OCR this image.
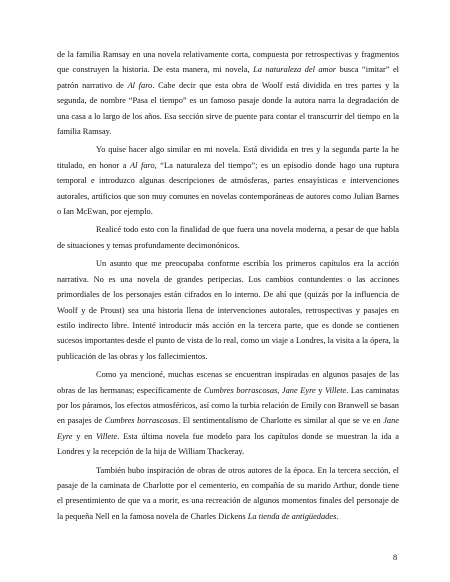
de la familia Ramsay en una novela relativamente corta, compuesta por retrospectivas y fragmentos que construyen la historia. De esta manera, mi novela, La naturaleza del amor busca “imitar” el patrón narrativo de Al faro. Cabe decir que esta obra de Woolf está dividida en tres partes y la segunda, de nombre “Pasa el tiempo” es un famoso pasaje donde la autora narra la degradación de una casa a lo largo de los años. Esa sección sirve de puente para contar el transcurrir del tiempo en la familia Ramsay.

Yo quise hacer algo similar en mi novela. Está dividida en tres y la segunda parte la he titulado, en honor a Al faro, “La naturaleza del tiempo”; es un episodio donde hago una ruptura temporal e introduzco algunas descripciones de atmósferas, partes ensayísticas e intervenciones autorales, artificios que son muy comunes en novelas contemporáneas de autores como Julian Barnes o Ian McEwan, por ejemplo.

Realicé todo esto con la finalidad de que fuera una novela moderna, a pesar de que habla de situaciones y temas profundamente decimonónicos.

Un asunto que me preocupaba conforme escribía los primeros capítulos era la acción narrativa. No es una novela de grandes peripecias. Los cambios contundentes o las acciones primordiales de los personajes están cifrados en lo interno. De ahí que (quizás por la influencia de Woolf y de Proust) sea una historia llena de intervenciones autorales, retrospectivas y pasajes en estilo indirecto libre. Intenté introducir más acción en la tercera parte, que es donde se contienen sucesos importantes desde el punto de vista de lo real, como un viaje a Londres, la visita a la ópera, la publicación de las obras y los fallecimientos.

Como ya mencioné, muchas escenas se encuentran inspiradas en algunos pasajes de las obras de las hermanas; específicamente de Cumbres borrascosas, Jane Eyre y Villete. Las caminatas por los páramos, los efectos atmosféricos, así como la turbia relación de Emily con Branwell se basan en pasajes de Cumbres borrascosas. El sentimentalismo de Charlotte es similar al que se ve en Jane Eyre y en Villete. Esta última novela fue modelo para los capítulos donde se muestran la ida a Londres y la recepción de la hija de William Thackeray.

También hubo inspiración de obras de otros autores de la época. En la tercera sección, el pasaje de la caminata de Charlotte por el cementerio, en compañía de su marido Arthur, donde tiene el presentimiento de que va a morir, es una recreación de algunos momentos finales del personaje de la pequeña Nell en la famosa novela de Charles Dickens La tienda de antigüedades.

8
